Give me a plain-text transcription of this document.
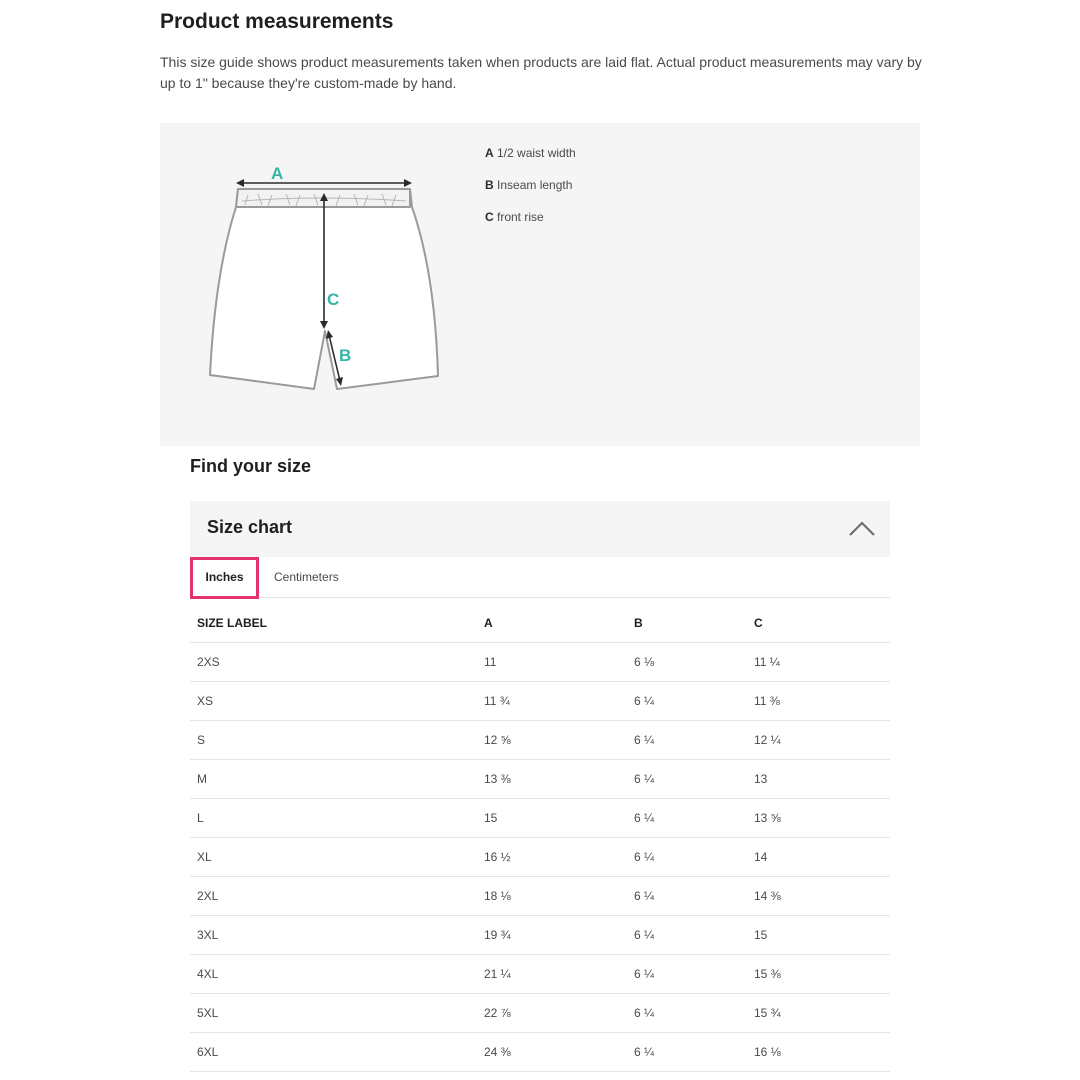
Product measurements

This size guide shows product measurements taken when products are laid flat. Actual product measurements may vary by up to 1" because they're custom-made by hand.

A
C
B
A 1/2 waist width
B Inseam length
C front rise
Find your size
Size chart
Inches	Centimeters
SIZE LABEL	A	B	C
2XS	11	6 ⅛	11 ¼
XS	11 ¾	6 ¼	11 ⅜
S	12 ⅝	6 ¼	12 ¼
M	13 ⅜	6 ¼	13
L	15	6 ¼	13 ⅝
XL	16 ½	6 ¼	14
2XL	18 ⅛	6 ¼	14 ⅜
3XL	19 ¾	6 ¼	15
4XL	21 ¼	6 ¼	15 ⅜
5XL	22 ⅞	6 ¼	15 ¾
6XL	24 ⅜	6 ¼	16 ⅛
